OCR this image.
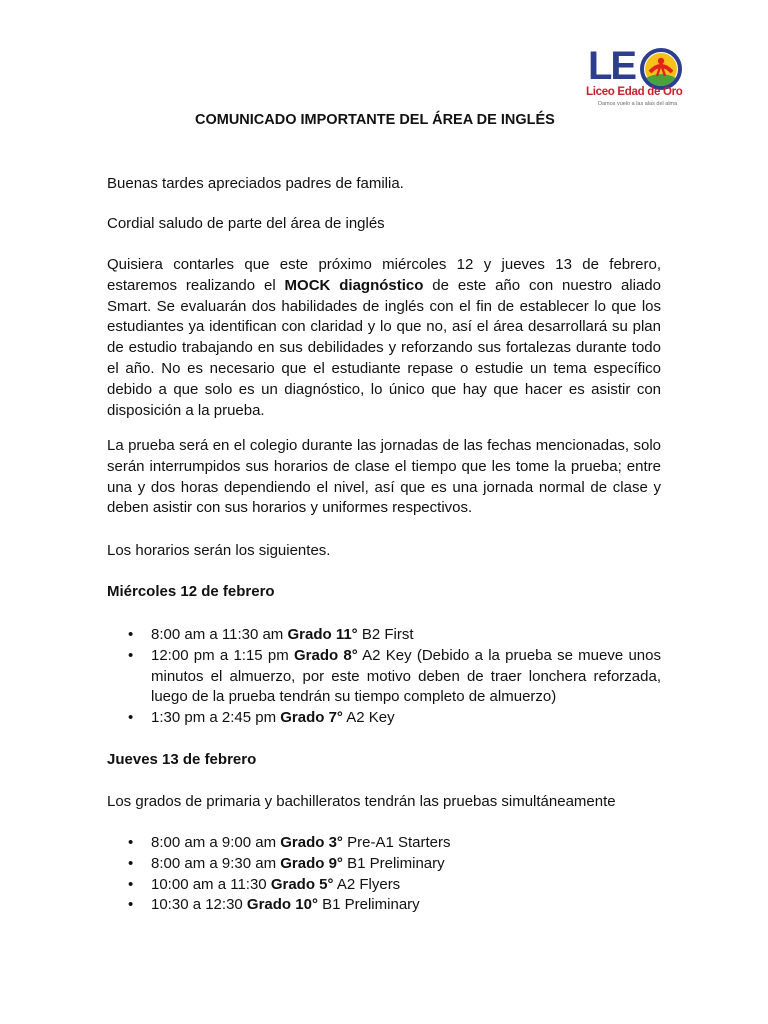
LE
Liceo Edad de Oro
Damos vuelo a las alas del alma
COMUNICADO IMPORTANTE DEL ÁREA DE INGLÉS

Buenas tardes apreciados padres de familia.

Cordial saludo de parte del área de inglés

Quisiera contarles que este próximo miércoles 12 y jueves 13 de febrero, estaremos realizando el MOCK diagnóstico de este año con nuestro aliado Smart. Se evaluarán dos habilidades de inglés con el fin de establecer lo que los estudiantes ya identifican con claridad y lo que no, así el área desarrollará su plan de estudio trabajando en sus debilidades y reforzando sus fortalezas durante todo el año. No es necesario que el estudiante repase o estudie un tema específico debido a que solo es un diagnóstico, lo único que hay que hacer es asistir con disposición a la prueba.

La prueba será en el colegio durante las jornadas de las fechas mencionadas, solo serán interrumpidos sus horarios de clase el tiempo que les tome la prueba; entre una y dos horas dependiendo el nivel, así que es una jornada normal de clase y deben asistir con sus horarios y uniformes respectivos.

Los horarios serán los siguientes.

Miércoles 12 de febrero
• 8:00 am a 11:30 am Grado 11° B2 First
• 12:00 pm a 1:15 pm Grado 8° A2 Key (Debido a la prueba se mueve unos minutos el almuerzo, por este motivo deben de traer lonchera reforzada, luego de la prueba tendrán su tiempo completo de almuerzo)
• 1:30 pm a 2:45 pm Grado 7° A2 Key
Jueves 13 de febrero

Los grados de primaria y bachilleratos tendrán las pruebas simultáneamente

• 8:00 am a 9:00 am Grado 3° Pre-A1 Starters
• 8:00 am a 9:30 am Grado 9° B1 Preliminary
• 10:00 am a 11:30 Grado 5° A2 Flyers
• 10:30 a 12:30 Grado 10° B1 Preliminary
